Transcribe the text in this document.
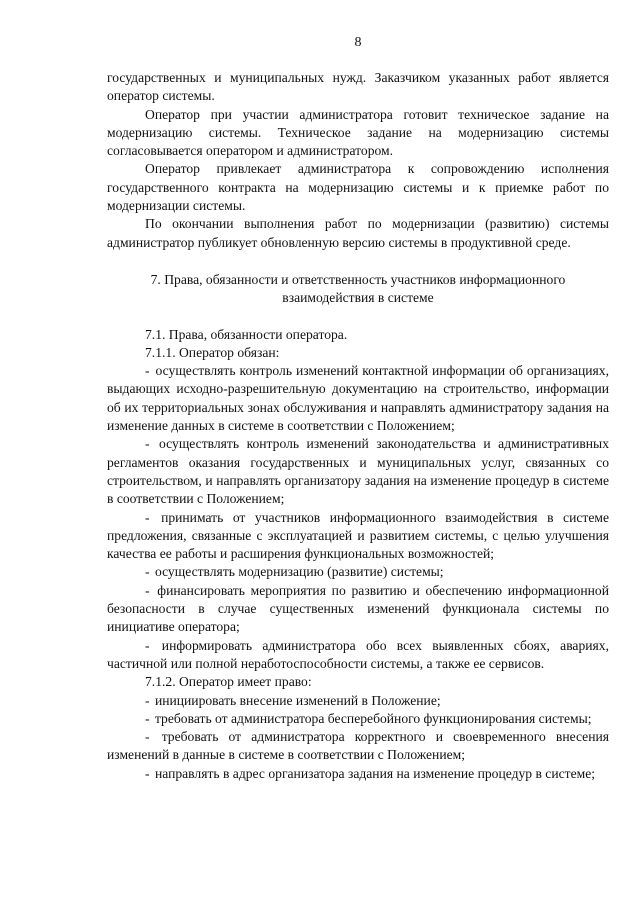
8

государственных и муниципальных нужд. Заказчиком указанных работ является оператор системы.

Оператор при участии администратора готовит техническое задание на модернизацию системы. Техническое задание на модернизацию системы согласовывается оператором и администратором.

Оператор привлекает администратора к сопровождению исполнения государственного контракта на модернизацию системы и к приемке работ по модернизации системы.

По окончании выполнения работ по модернизации (развитию) системы администратор публикует обновленную версию системы в продуктивной среде.

7. Права, обязанности и ответственность участников информационного взаимодействия в системе

7.1. Права, обязанности оператора.

7.1.1. Оператор обязан:

- осуществлять контроль изменений контактной информации об организациях, выдающих исходно-разрешительную документацию на строительство, информации об их территориальных зонах обслуживания и направлять администратору задания на изменение данных в системе в соответствии с Положением;

- осуществлять контроль изменений законодательства и административных регламентов оказания государственных и муниципальных услуг, связанных со строительством, и направлять организатору задания на изменение процедур в системе в соответствии с Положением;

- принимать от участников информационного взаимодействия в системе предложения, связанные с эксплуатацией и развитием системы, с целью улучшения качества ее работы и расширения функциональных возможностей;

- осуществлять модернизацию (развитие) системы;

- финансировать мероприятия по развитию и обеспечению информационной безопасности в случае существенных изменений функционала системы по инициативе оператора;

- информировать администратора обо всех выявленных сбоях, авариях, частичной или полной неработоспособности системы, а также ее сервисов.

7.1.2. Оператор имеет право:

- инициировать внесение изменений в Положение;

- требовать от администратора бесперебойного функционирования системы;

- требовать от администратора корректного и своевременного внесения изменений в данные в системе в соответствии с Положением;

- направлять в адрес организатора задания на изменение процедур в системе;
